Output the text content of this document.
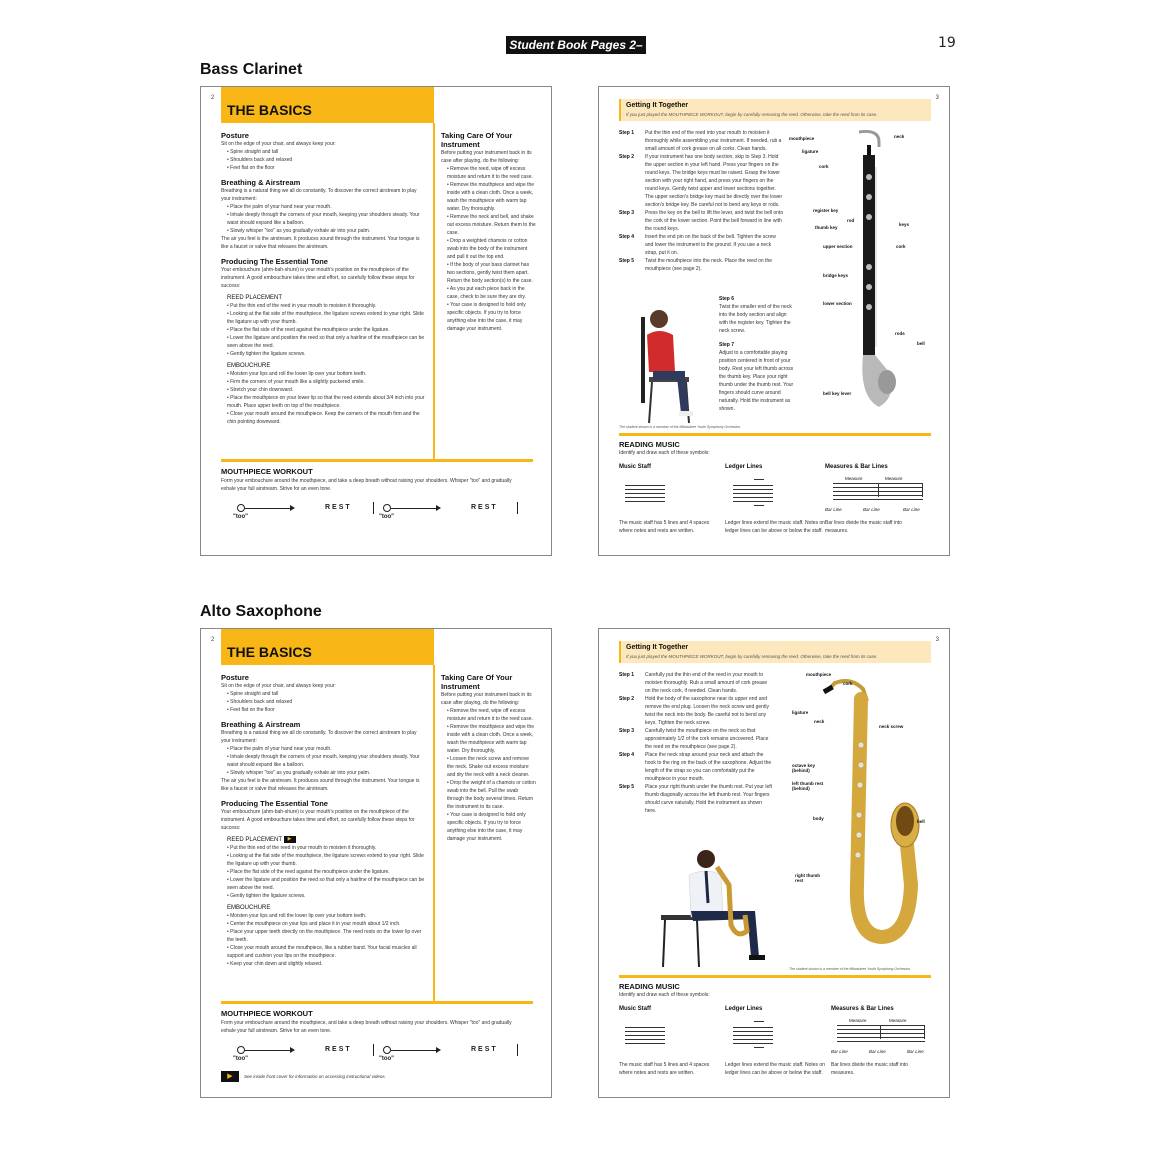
Student Book Pages 2–3
19
Bass Clarinet
2
THE BASICS
Posture

Sit on the edge of your chair, and always keep your:

• Spine straight and tall
• Shoulders back and relaxed
• Feet flat on the floor
Breathing & Airstream

Breathing is a natural thing we all do constantly. To discover the correct airstream to play your instrument:

• Place the palm of your hand near your mouth.
• Inhale deeply through the corners of your mouth, keeping your shoulders steady. Your waist should expand like a balloon.
• Slowly whisper "too" as you gradually exhale air into your palm.

The air you feel is the airstream. It produces sound through the instrument. Your tongue is like a faucet or valve that releases the airstream.

Producing The Essential Tone

Your embouchure (ahm-bah-shure) is your mouth's position on the mouthpiece of the instrument. A good embouchure takes time and effort, so carefully follow these steps for success:

REED PLACEMENT
• Put the thin end of the reed in your mouth to moisten it thoroughly.
• Looking at the flat side of the mouthpiece, the ligature screws extend to your right. Slide the ligature up with your thumb.
• Place the flat side of the reed against the mouthpiece under the ligature.
• Lower the ligature and position the reed so that only a hairline of the mouthpiece can be seen above the reed.
• Gently tighten the ligature screws.
EMBOUCHURE
• Moisten your lips and roll the lower lip over your bottom teeth.
• Firm the corners of your mouth like a slightly puckered smile.
• Stretch your chin downward.
• Place the mouthpiece on your lower lip so that the reed extends about 3/4 inch into your mouth. Place upper teeth on top of the mouthpiece.
• Close your mouth around the mouthpiece. Keep the corners of the mouth firm and the chin pointing downward.
Taking Care Of Your Instrument

Before putting your instrument back in its case after playing, do the following:

• Remove the reed, wipe off excess moisture and return it to the reed case.
• Remove the mouthpiece and wipe the inside with a clean cloth. Once a week, wash the mouthpiece with warm tap water. Dry thoroughly.
• Remove the neck and bell, and shake out excess moisture. Return them to the case.
• Drop a weighted chamois or cotton swab into the body of the instrument and pull it out the top end.
• If the body of your bass clarinet has two sections, gently twist them apart. Return the body section(s) to the case.
• As you put each piece back in the case, check to be sure they are dry.
• Your case is designed to hold only specific objects. If you try to force anything else into the case, it may damage your instrument.
MOUTHPIECE WORKOUT
Form your embouchure around the mouthpiece, and take a deep breath without raising your shoulders. Whisper "too" and gradually exhale your full airstream. Strive for an even tone.
"too"
REST
"too"
REST
3
Getting It Together
If you just played the MOUTHPIECE WORKOUT, begin by carefully removing the reed. Otherwise, take the reed from its case.
Step 1	Put the thin end of the reed into your mouth to moisten it thoroughly while assembling your instrument. If needed, rub a small amount of cork grease on all corks. Clean hands.
Step 2	If your instrument has one body section, skip to Step 3. Hold the upper section in your left hand. Press your fingers on the round keys. The bridge keys must be raised. Grasp the lower section with your right hand, and press your fingers on the round keys. Gently twist upper and lower sections together. The upper section's bridge key must be directly over the lower section's bridge key. Be careful not to bend any keys or rods.
Step 3	Press the key on the bell to lift the lever, and twist the bell onto the cork of the lower section. Point the bell forward in line with the round keys.
Step 4	Insert the end pin on the back of the bell. Tighten the screw and lower the instrument to the ground. If you use a neck strap, put it on.
Step 5	Twist the mouthpiece into the neck. Place the reed on the mouthpiece (see page 2).
Step 6
Twist the smaller end of the neck into the body section and align with the register key. Tighten the neck screw.
Step 7
Adjust to a comfortable playing position centered in front of your body. Rest your left thumb across the thumb key. Place your right thumb under the thumb rest. Your fingers should curve around naturally. Hold the instrument as shown.
The student shown is a member of the Milwaukee Youth Symphony Orchestra.
mouthpiece	neck
ligature
cork
register key
thumb key
rod
keys
upper section	cork
bridge keys
lower section
rods
bell
bell key lever
READING MUSIC
Identify and draw each of these symbols:
Music Staff
The music staff has 5 lines and 4 spaces where notes and rests are written.
Ledger Lines
Ledger lines extend the music staff. Notes on ledger lines can be above or below the staff.
Measures & Bar Lines
Measure	Measure
Bar Line	Bar Line	Bar Line
Bar lines divide the music staff into measures.
Alto Saxophone
2
THE BASICS
Posture

Sit on the edge of your chair, and always keep your:

• Spine straight and tall
• Shoulders back and relaxed
• Feet flat on the floor
Breathing & Airstream

Breathing is a natural thing we all do constantly. To discover the correct airstream to play your instrument:

• Place the palm of your hand near your mouth.
• Inhale deeply through the corners of your mouth, keeping your shoulders steady. Your waist should expand like a balloon.
• Slowly whisper "too" as you gradually exhale air into your palm.

The air you feel is the airstream. It produces sound through the instrument. Your tongue is like a faucet or valve that releases the airstream.

Producing The Essential Tone

Your embouchure (ahm-bah-shure) is your mouth's position on the mouthpiece of the instrument. A good embouchure takes time and effort, so carefully follow these steps for success:

REED PLACEMENT ▶
• Put the thin end of the reed in your mouth to moisten it thoroughly.
• Looking at the flat side of the mouthpiece, the ligature screws extend to your right. Slide the ligature up with your thumb.
• Place the flat side of the reed against the mouthpiece under the ligature.
• Lower the ligature and position the reed so that only a hairline of the mouthpiece can be seen above the reed.
• Gently tighten the ligature screws.
EMBOUCHURE
• Moisten your lips and roll the lower lip over your bottom teeth.
• Center the mouthpiece on your lips and place it in your mouth about 1/2 inch.
• Place your upper teeth directly on the mouthpiece. The reed rests on the lower lip over the teeth.
• Close your mouth around the mouthpiece, like a rubber band. Your facial muscles all support and cushion your lips on the mouthpiece.
• Keep your chin down and slightly relaxed.
Taking Care Of Your Instrument

Before putting your instrument back in its case after playing, do the following:

• Remove the reed, wipe off excess moisture and return it to the reed case.
• Remove the mouthpiece and wipe the inside with a clean cloth. Once a week, wash the mouthpiece with warm tap water. Dry thoroughly.
• Loosen the neck screw and remove the neck. Shake out excess moisture and dry the neck with a neck cleaner.
• Drop the weight of a chamois or cotton swab into the bell. Pull the swab through the body several times. Return the instrument to its case.
• Your case is designed to hold only specific objects. If you try to force anything else into the case, it may damage your instrument.
MOUTHPIECE WORKOUT
Form your embouchure around the mouthpiece, and take a deep breath without raising your shoulders. Whisper "too" and gradually exhale your full airstream. Strive for an even tone.
"too"
REST
"too"
REST
▶	See inside front cover for information on accessing instructional videos.
3
Getting It Together
If you just played the MOUTHPIECE WORKOUT, begin by carefully removing the reed. Otherwise, take the reed from its case.
Step 1	Carefully put the thin end of the reed in your mouth to moisten thoroughly. Rub a small amount of cork grease on the neck cork, if needed. Clean hands.
Step 2	Hold the body of the saxophone near its upper end and remove the end plug. Loosen the neck screw and gently twist the neck into the body. Be careful not to bend any keys. Tighten the neck screw.
Step 3	Carefully twist the mouthpiece on the neck so that approximately 1/2 of the cork remains uncovered. Place the reed on the mouthpiece (see page 2).
Step 4	Place the neck strap around your neck and attach the hook to the ring on the back of the saxophone. Adjust the length of the strap so you can comfortably put the mouthpiece in your mouth.
Step 5	Place your right thumb under the thumb rest. Put your left thumb diagonally across the left thumb rest. Your fingers should curve naturally. Hold the instrument as shown here.
The student shown is a member of the Milwaukee Youth Symphony Orchestra.
mouthpiece
cork
ligature
neck
neck screw
octave key (behind)
left thumb rest (behind)
body
bell
right thumb rest
READING MUSIC
Identify and draw each of these symbols:
Music Staff
The music staff has 5 lines and 4 spaces where notes and rests are written.
Ledger Lines
Ledger lines extend the music staff. Notes on ledger lines can be above or below the staff.
Measures & Bar Lines
Measure	Measure
Bar Line	Bar Line	Bar Line
Bar lines divide the music staff into measures.
